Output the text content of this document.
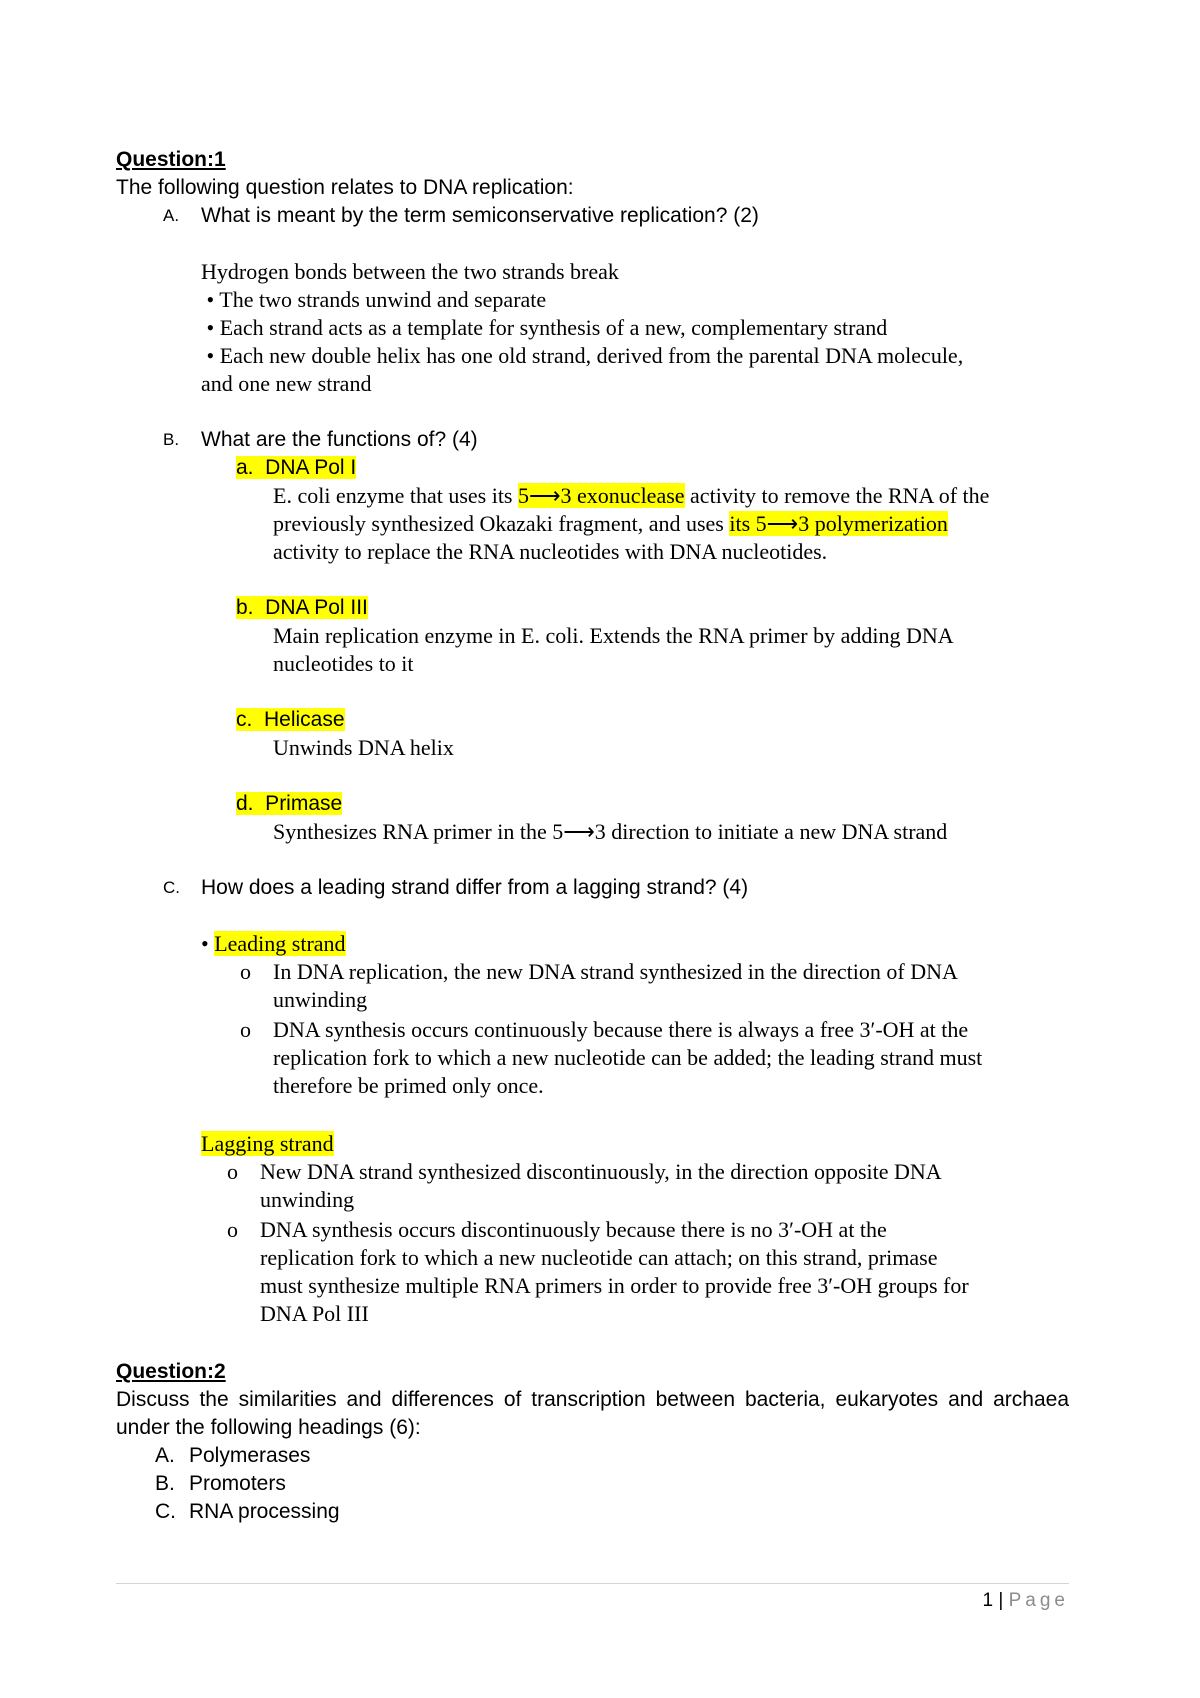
Question:1
The following question relates to DNA replication:
A. What is meant by the term semiconservative replication? (2)
Hydrogen bonds between the two strands break
• The two strands unwind and separate
• Each strand acts as a template for synthesis of a new, complementary strand
• Each new double helix has one old strand, derived from the parental DNA molecule,
and one new strand
B. What are the functions of? (4)
a.  DNA Pol I
E. coli enzyme that uses its 5⟶3 exonuclease activity to remove the RNA of the
previously synthesized Okazaki fragment, and uses its 5⟶3 polymerization
activity to replace the RNA nucleotides with DNA nucleotides.
b.  DNA Pol III
Main replication enzyme in E. coli. Extends the RNA primer by adding DNA
nucleotides to it
c.  Helicase
Unwinds DNA helix
d.  Primase
Synthesizes RNA primer in the 5⟶3 direction to initiate a new DNA strand
C. How does a leading strand differ from a lagging strand? (4)
• Leading strand
o In DNA replication, the new DNA strand synthesized in the direction of DNA
unwinding
o DNA synthesis occurs continuously because there is always a free 3′-OH at the
replication fork to which a new nucleotide can be added; the leading strand must
therefore be primed only once.
Lagging strand
o New DNA strand synthesized discontinuously, in the direction opposite DNA
unwinding
o DNA synthesis occurs discontinuously because there is no 3′-OH at the
replication fork to which a new nucleotide can attach; on this strand, primase
must synthesize multiple RNA primers in order to provide free 3′-OH groups for
DNA Pol III
Question:2
Discuss the similarities and differences of transcription between bacteria, eukaryotes and archaea under the following headings (6):
A. Polymerases
B. Promoters
C. RNA processing
1 | Page
